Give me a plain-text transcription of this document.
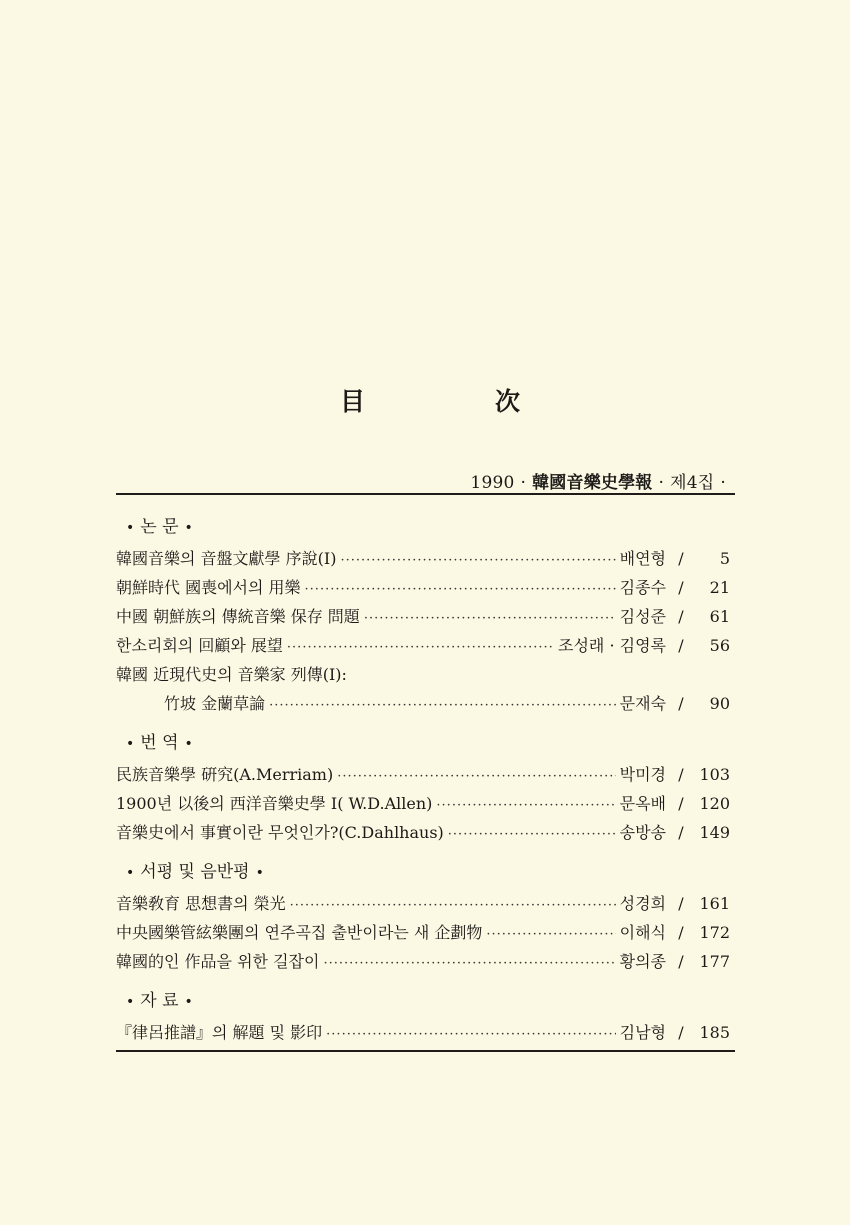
目	次
1990 · 韓國音樂史學報 · 제4집 ·
• 논 문 •
韓國音樂의 音盤文獻學 序說(Ⅰ) ·····	배연형 /	5
朝鮮時代 國喪에서의 用樂 ·····	김종수 /	21
中國 朝鮮族의 傳統音樂 保存 問題 ·····	김성준 /	61
한소리회의 回顧와 展望 ·····	조성래 · 김영록 /	56
韓國 近現代史의 音樂家 列傳(Ⅰ):
竹坡 金蘭草論 ·····	문재숙 /	90
• 번 역 •
民族音樂學 硏究(A.Merriam) ·····	박미경 / 103
1900년 以後의 西洋音樂史學 Ⅰ( W.D.Allen) ·····	문옥배 / 120
音樂史에서 事實이란 무엇인가?(C.Dahlhaus) ·····	송방송 / 149
• 서평 및 음반평 •
音樂敎育 思想書의 榮光 ·····	성경희 / 161
中央國樂管絃樂團의 연주곡집 출반이라는 새 企劃物 ·····	이해식 / 172
韓國的인 作品을 위한 길잡이 ·····	황의종 / 177
• 자 료 •
『律呂推譜』의 解題 및 影印 ·····	김남형 / 185
